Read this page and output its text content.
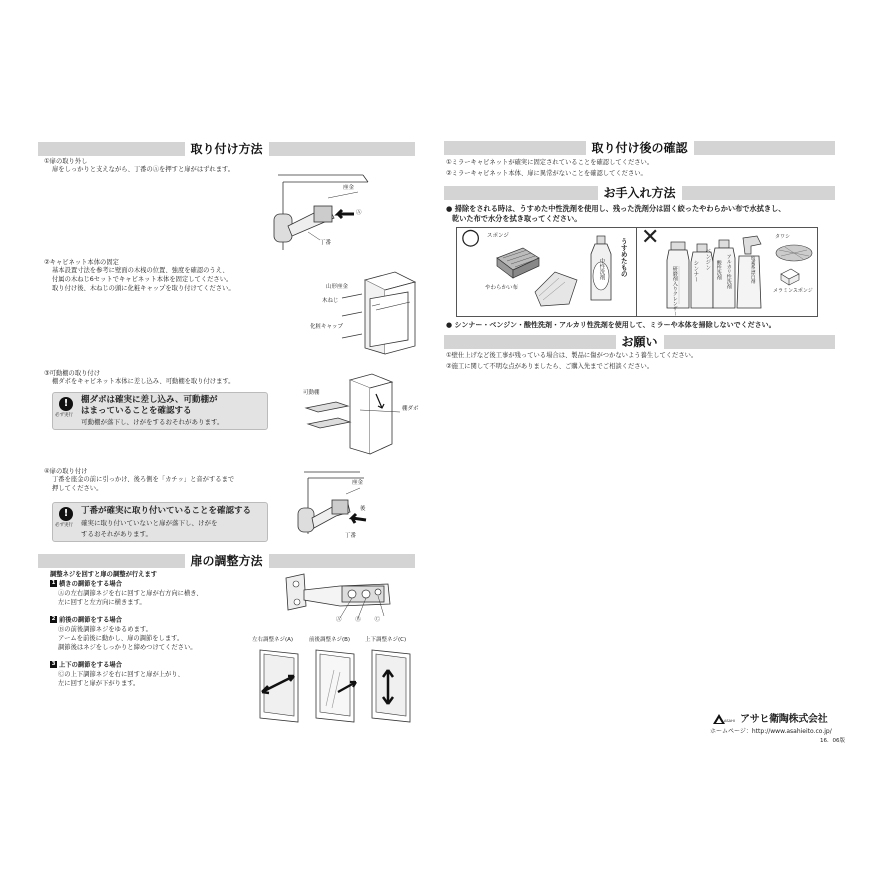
取り付け方法
①扉の取り外し
扉をしっかりと支えながら、丁番のⒶを押すと扉がはずれます。
座金
Ⓐ
丁番
②キャビネット本体の固定
基本設置寸法を参考に壁面の木桟の位置、強度を確認のうえ、
付属の木ねじ6セットでキャビネット本体を固定してください。
取り付け後、木ねじの頭に化粧キャップを取り付けてください。	山形座金
木ねじ
化粧キャップ
③可動棚の取り付け
棚ダボをキャビネット本体に差し込み、可動棚を取り付けます。
!
必ず実行
棚ダボは確実に差し込み、可動棚が
はまっていることを確認する
可動棚が落下し、けがをするおそれがあります。
可動棚
棚ダボ
④扉の取り付け
丁番を座金の前に引っかけ、後ろ側を「カチッ」と音がするまで
押してください。
!
必ず実行
丁番が確実に取り付いていることを確認する
確実に取り付いていないと扉が落下し、けがを
するおそれがあります。
座金
後
丁番
扉の調整方法
調整ネジを回すと扉の調整が行えます
1 横きの調節をする場合
Ⓐの左右調節ネジを右に回すと扉が右方向に横き、
左に回すと左方向に横きます。
2 前後の調節をする場合
Ⓑの前後調節ネジをゆるめます。
アームを前後に動かし、扉の調節をします。
調節後はネジをしっかりと締めつけてください。
3 上下の調節をする場合
Ⓒの上下調節ネジを右に回すと扉が上がり、
左に回すと扉が下がります。
Ⓐ Ⓑ Ⓒ
左右調整ネジ(A)	前後調整ネジ(B)	上下調整ネジ(C)
取り付け後の確認
①ミラーキャビネットが確実に固定されていることを確認してください。
②ミラーキャビネット本体、扉に異常がないことを確認してください。
お手入れ方法
● 掃除をされる時は、うすめた中性洗剤を使用し、残った洗剤分は固く絞ったやわらかい布で水拭きし、
乾いた布で水分を拭き取ってください。
○ スポンジ
やわらかい布
中性洗剤 うすめたもの
✕
研磨剤入りクレンザー	シンナー
ベンジン 酸性洗剤 アルカリ性洗剤	塩素系漂白剤
タワシ
メラミンスポンジ
● シンナー・ベンジン・酸性洗剤・アルカリ性洗剤を使用して、ミラーや本体を掃除しないでください。
お願い
①壁仕上げなど後工事が残っている場合は、製品に傷がつかないよう養生してください。
②施工に関して不明な点がありましたら、ご購入先までご相談ください。
ASAHI アサヒ衛陶株式会社
ホームページ：http://www.asahieito.co.jp/
16．06版
